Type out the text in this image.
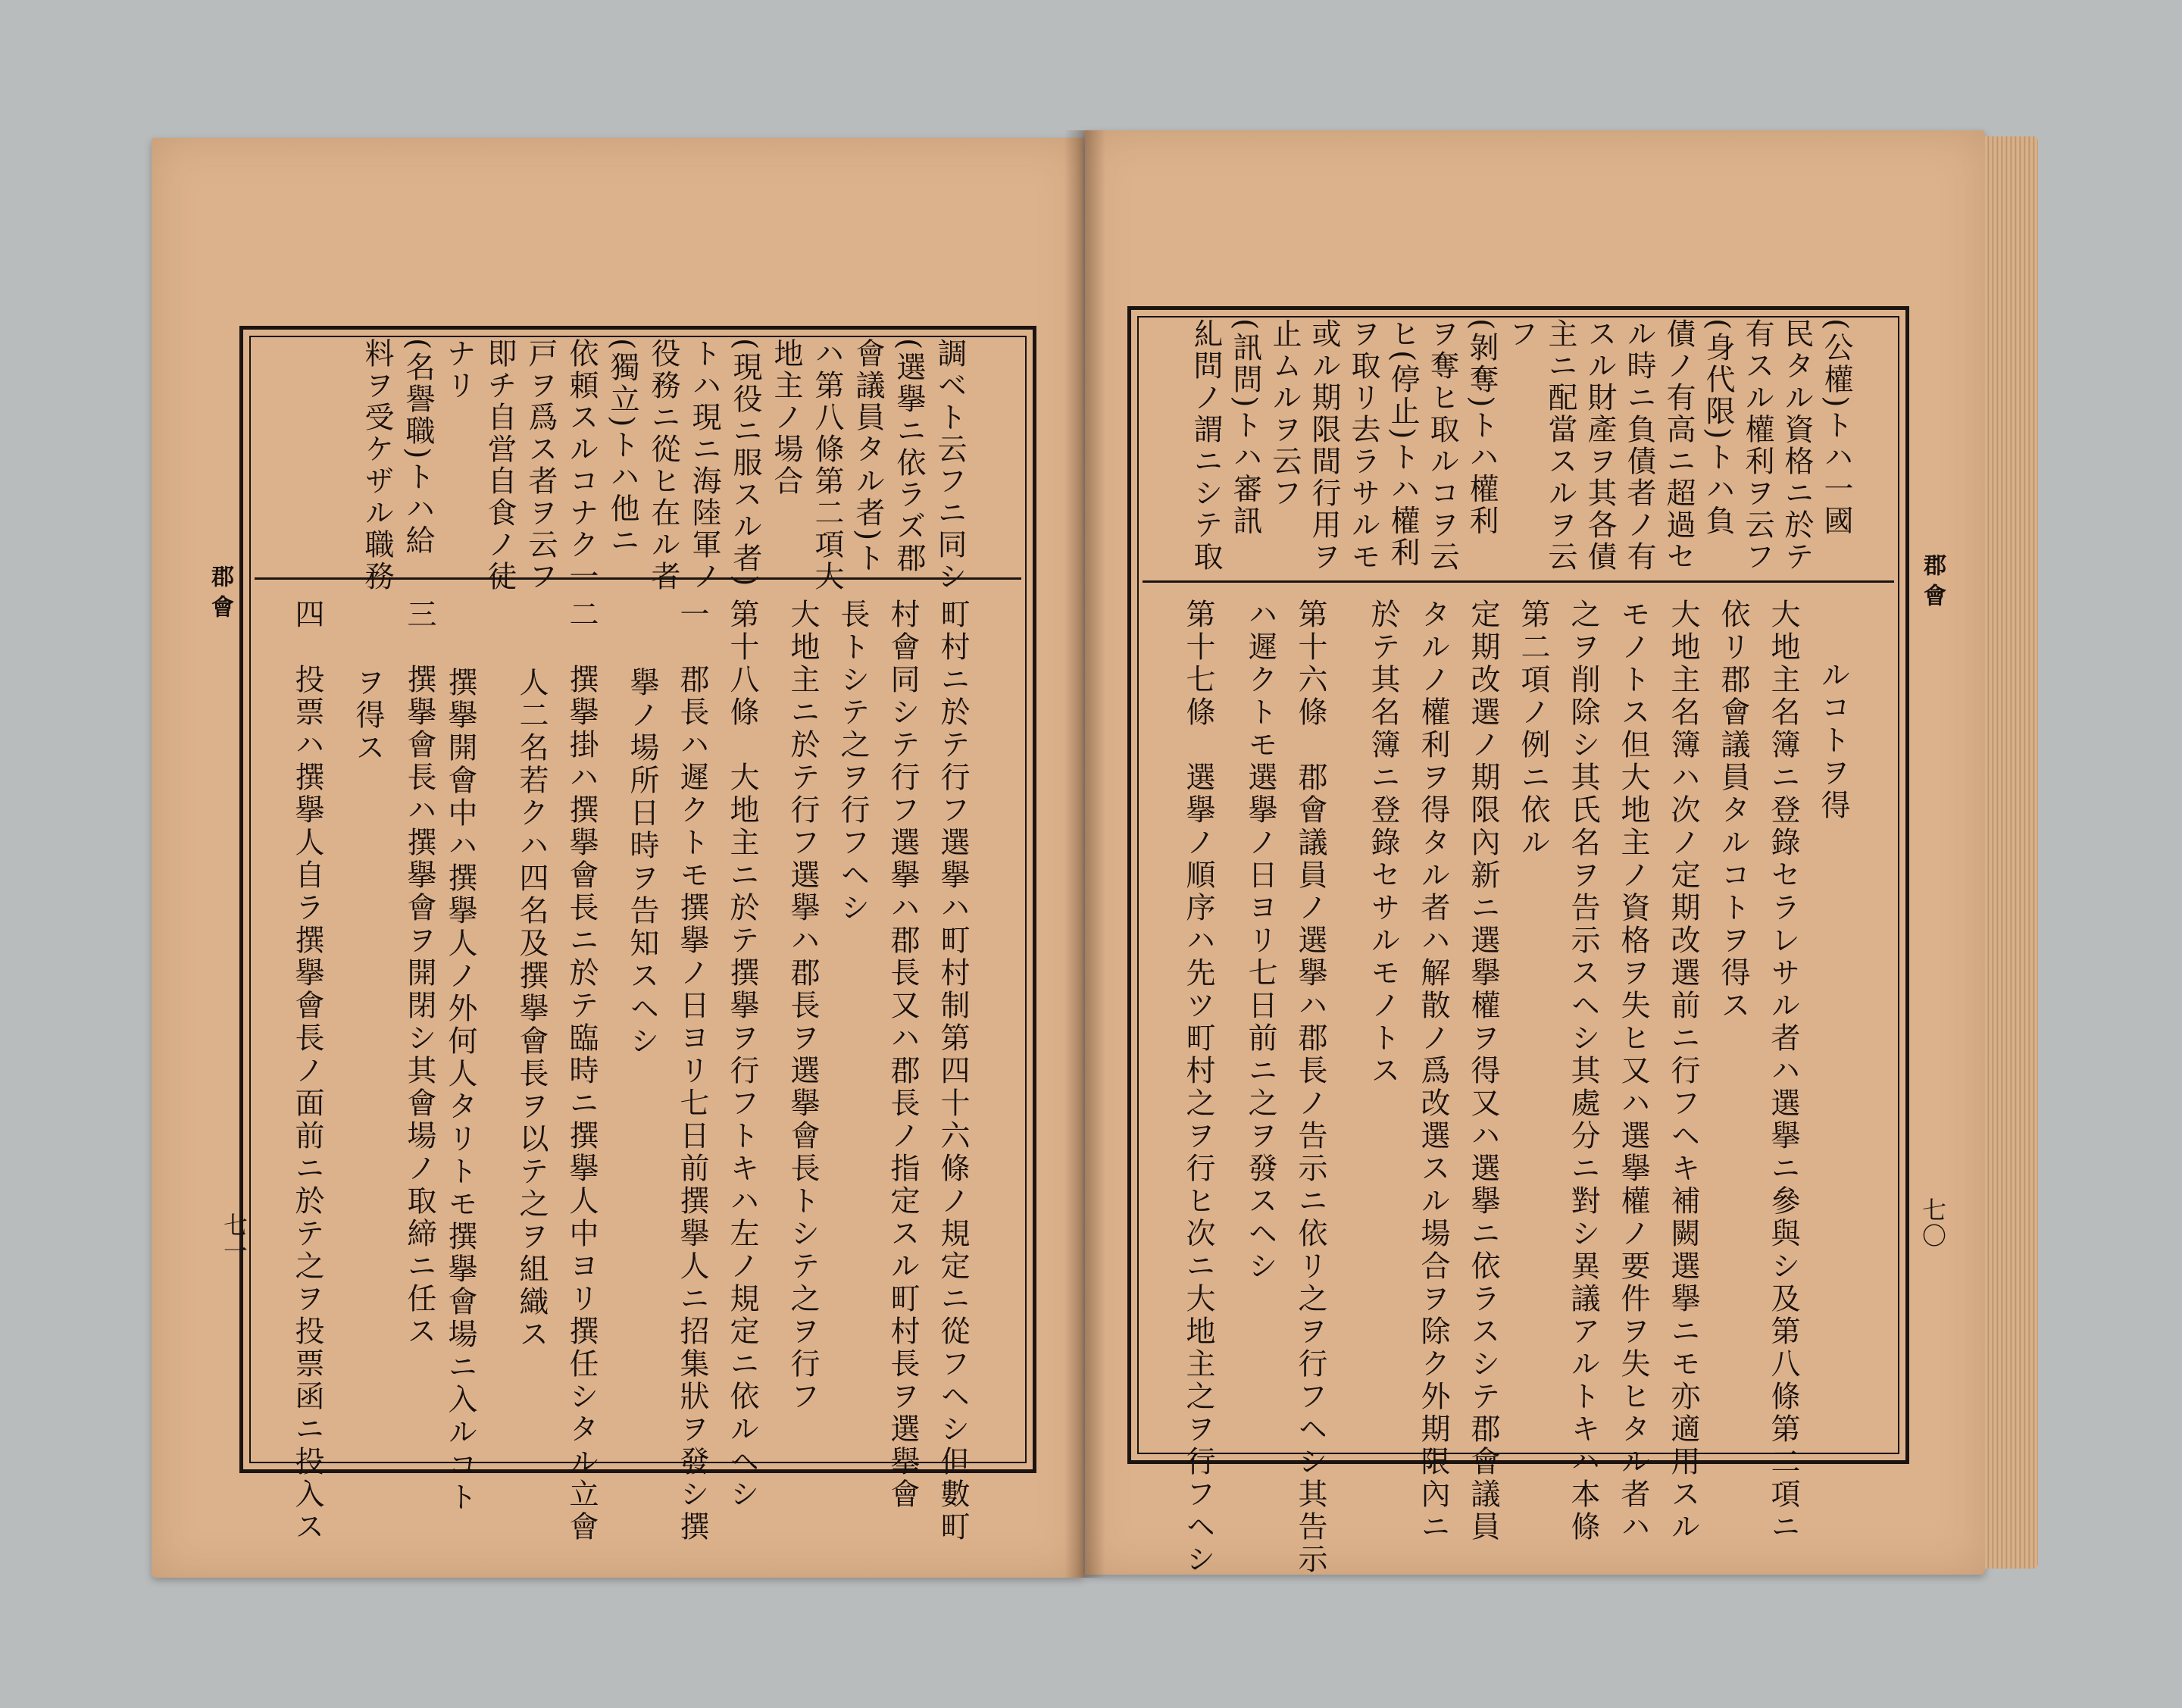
郡會
七一
郡會
七〇
調ベト云フニ同シ
(選擧ニ依ラズ郡
會議員タル者)ト
ハ第八條第二項大
地主ノ場合
(現役ニ服スル者)
トハ現ニ海陸軍ノ
役務ニ從ヒ在ル者
(獨立)トハ他ニ
依頼スルコナク一
戸ヲ爲ス者ヲ云フ
即チ自営自食ノ徒
ナリ
(名譽職)トハ給
料ヲ受ケザル職務
町村ニ於テ行フ選擧ハ町村制第四十六條ノ規定ニ從フヘシ但數町
村會同シテ行フ選擧ハ郡長又ハ郡長ノ指定スル町村長ヲ選擧會
長トシテ之ヲ行フヘシ
大地主ニ於テ行フ選擧ハ郡長ヲ選擧會長トシテ之ヲ行フ
第十八條　大地主ニ於テ撰擧ヲ行フトキハ左ノ規定ニ依ルヘシ
一　郡長ハ遲クトモ撰擧ノ日ヨリ七日前撰擧人ニ招集狀ヲ發シ撰
擧ノ場所日時ヲ告知スヘシ
二　撰擧掛ハ撰擧會長ニ於テ臨時ニ撰擧人中ヨリ撰任シタル立會
人二名若クハ四名及撰擧會長ヲ以テ之ヲ組織ス
三　撰擧會長ハ撰擧會ヲ開閉シ其會場ノ取締ニ任ス 撰擧開會中ハ撰擧人ノ外何人タリトモ撰擧會場ニ入ルコト
ヲ得ス
四　投票ハ撰擧人自ラ撰擧會長ノ面前ニ於テ之ヲ投票函ニ投入ス
(公權)トハ一國
民タル資格ニ於テ
有スル權利ヲ云フ
(身代限)トハ負
債ノ有高ニ超過セ
ル時ニ負債者ノ有
スル財產ヲ其各債
主ニ配當スルヲ云
フ
(剝奪)トハ權利
ヲ奪ヒ取ルコヲ云
ヒ(停止)トハ權利
ヲ取リ去ラサルモ
或ル期限間行用ヲ
止ムルヲ云フ
(訊問)トハ審訊
糺問ノ謂ニシテ取
ルコトヲ得
大地主名簿ニ登錄セラレサル者ハ選擧ニ參與シ及第八條第二項ニ
依リ郡會議員タルコトヲ得ス
大地主名簿ハ次ノ定期改選前ニ行フヘキ補闕選擧ニモ亦適用スル
モノトス但大地主ノ資格ヲ失ヒ又ハ選擧權ノ要件ヲ失ヒタル者ハ
之ヲ削除シ其氏名ヲ告示スヘシ其處分ニ對シ異議アルトキハ本條
第二項ノ例ニ依ル
定期改選ノ期限內新ニ選擧權ヲ得又ハ選擧ニ依ラスシテ郡會議員
タルノ權利ヲ得タル者ハ解散ノ爲改選スル場合ヲ除ク外期限內ニ
於テ其名簿ニ登錄セサルモノトス
第十六條　郡會議員ノ選擧ハ郡長ノ告示ニ依リ之ヲ行フヘシ其告示
ハ遲クトモ選擧ノ日ヨリ七日前ニ之ヲ發スヘシ
第十七條　選擧ノ順序ハ先ツ町村之ヲ行ヒ次ニ大地主之ヲ行フヘシ
